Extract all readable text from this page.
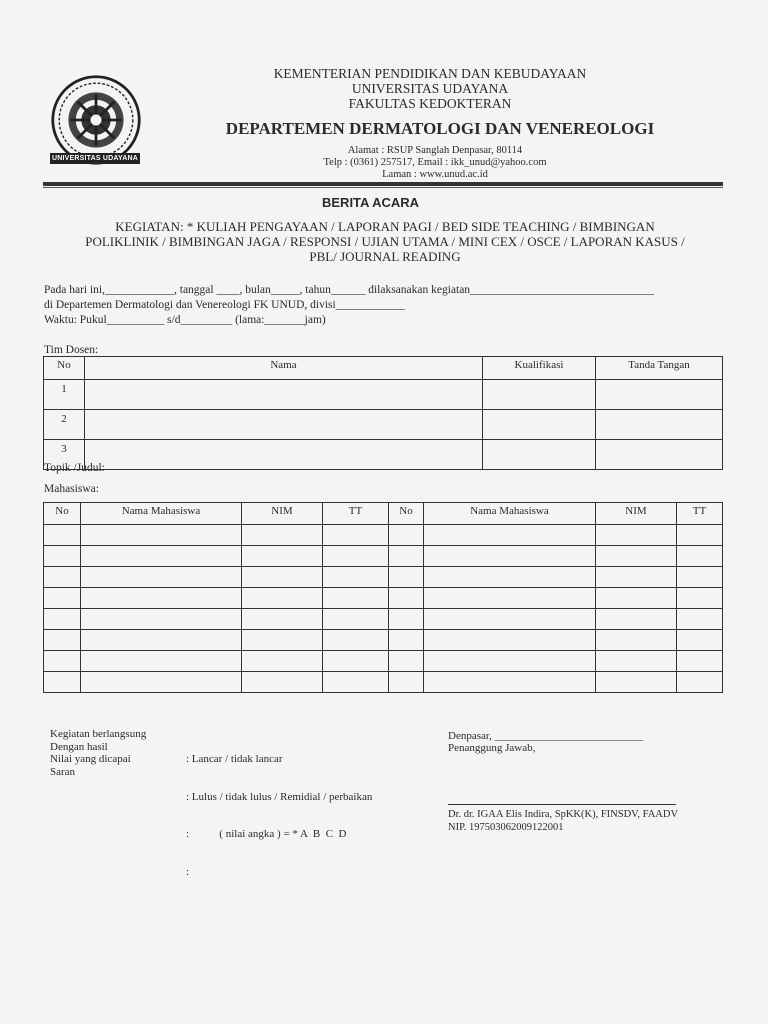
UNIVERSITAS UDAYANA
KEMENTERIAN PENDIDIKAN DAN KEBUDAYAAN
UNIVERSITAS UDAYANA
FAKULTAS KEDOKTERAN
DEPARTEMEN DERMATOLOGI DAN VENEREOLOGI
Alamat : RSUP Sanglah Denpasar, 80114
Telp : (0361) 257517, Email : ikk_unud@yahoo.com
Laman : www.unud.ac.id
BERITA ACARA
KEGIATAN: * KULIAH PENGAYAAN / LAPORAN PAGI / BED SIDE TEACHING / BIMBINGAN
POLIKLINIK / BIMBINGAN JAGA / RESPONSI / UJIAN UTAMA / MINI CEX / OSCE / LAPORAN KASUS /
PBL/ JOURNAL READING
Pada hari ini,____________, tanggal ____, bulan_____, tahun______ dilaksanakan kegiatan________________________________
di Departemen Dermatologi dan Venereologi FK UNUD, divisi____________
Waktu: Pukul__________ s/d_________ (lama:_______jam)
Tim Dosen:
No	Nama	Kualifikasi	Tanda Tangan
1			
2			
3			
Topik /Judul:
Mahasiswa:
No	Nama Mahasiswa	NIM	TT	No	Nama Mahasiswa	NIM	TT

Kegiatan berlangsung
Dengan hasil
Nilai yang dicapai
Saran

: Lancar / tidak lancar

: Lulus / tidak lulus / Remidial / perbaikan

:           ( nilai angka ) = * A  B  C  D

:

Denpasar, ___________________________
Penanggung Jawab,
Dr. dr. IGAA Elis Indira, SpKK(K), FINSDV, FAADV
NIP. 197503062009122001
